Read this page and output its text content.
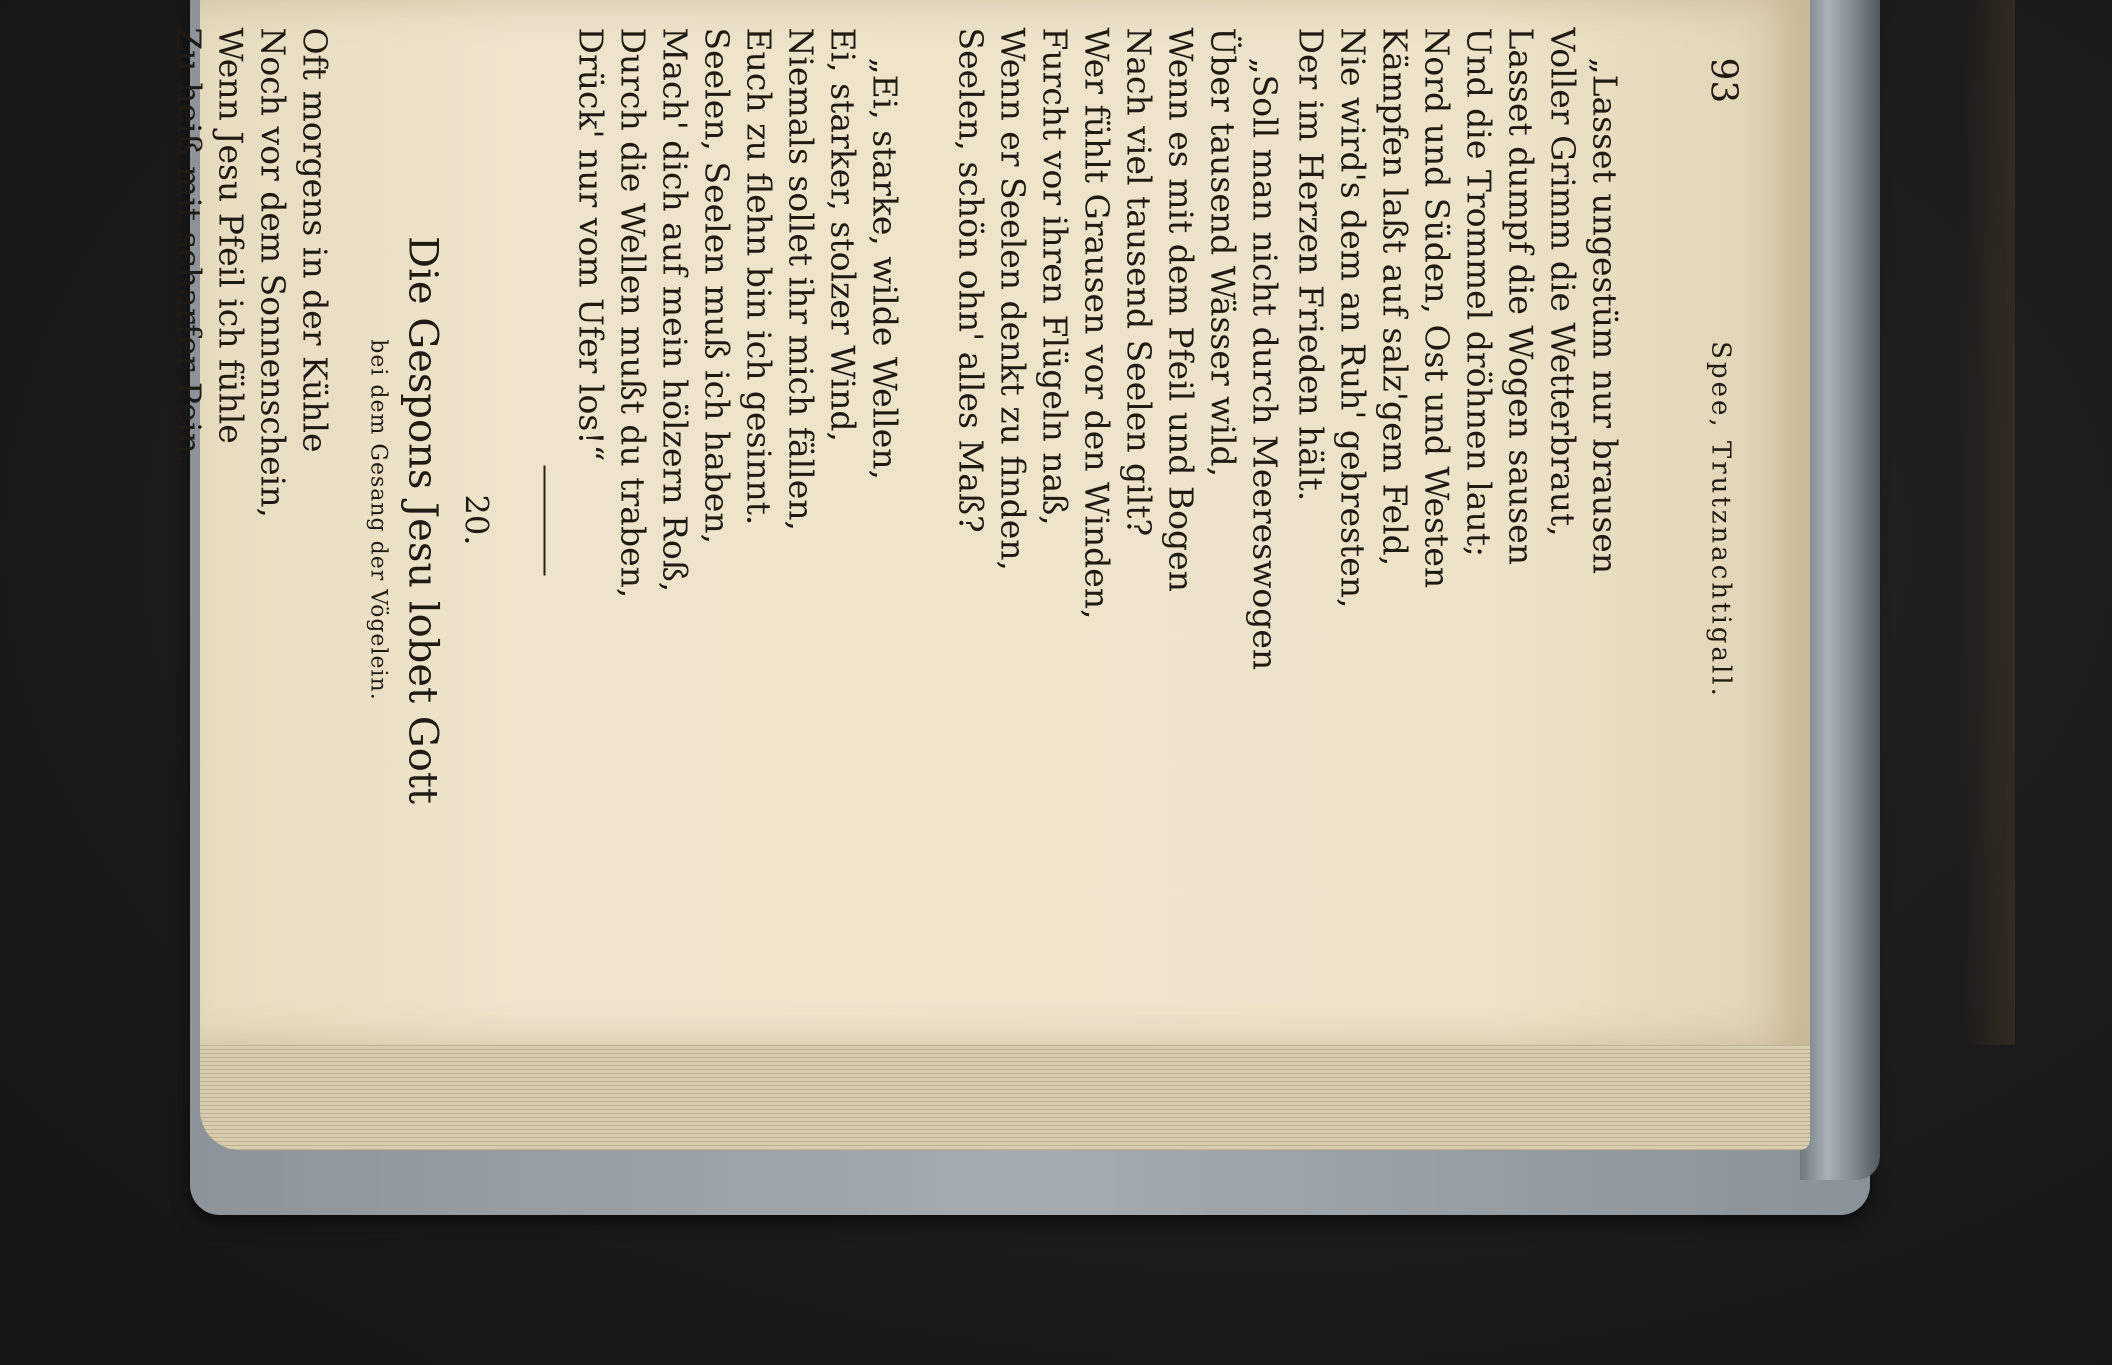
Spee, Trutznachtigall.
93
„Lasset ungestüm nur brausen
Voller Grimm die Wetterbraut,
Lasset dumpf die Wogen sausen
Und die Trommel dröhnen laut;
Nord und Süden, Ost und Westen
Kämpfen laßt auf salz'gem Feld,
Nie wird's dem an Ruh' gebresten,
Der im Herzen Frieden hält.
„Soll man nicht durch Meereswogen
Über tausend Wässer wild,
Wenn es mit dem Pfeil und Bogen
Nach viel tausend Seelen gilt?
Wer fühlt Grausen vor den Winden,
Furcht vor ihren Flügeln naß,
Wenn er Seelen denkt zu finden,
Seelen, schön ohn' alles Maß?
„Ei, starke, wilde Wellen,
Ei, starker, stolzer Wind,
Niemals sollet ihr mich fällen,
Euch zu flehn bin ich gesinnt.
Seelen, Seelen muß ich haben,
Mach' dich auf mein hölzern Roß,
Durch die Wellen mußt du traben,
Drück' nur vom Ufer los!“
20.
Die Gespons Jesu lobet Gott
bei dem Gesang der Vögelein.
Oft morgens in der Kühle
Noch vor dem Sonnenschein,
Wenn Jesu Pfeil ich fühle
Zu heiß mit scharfer Pein,
